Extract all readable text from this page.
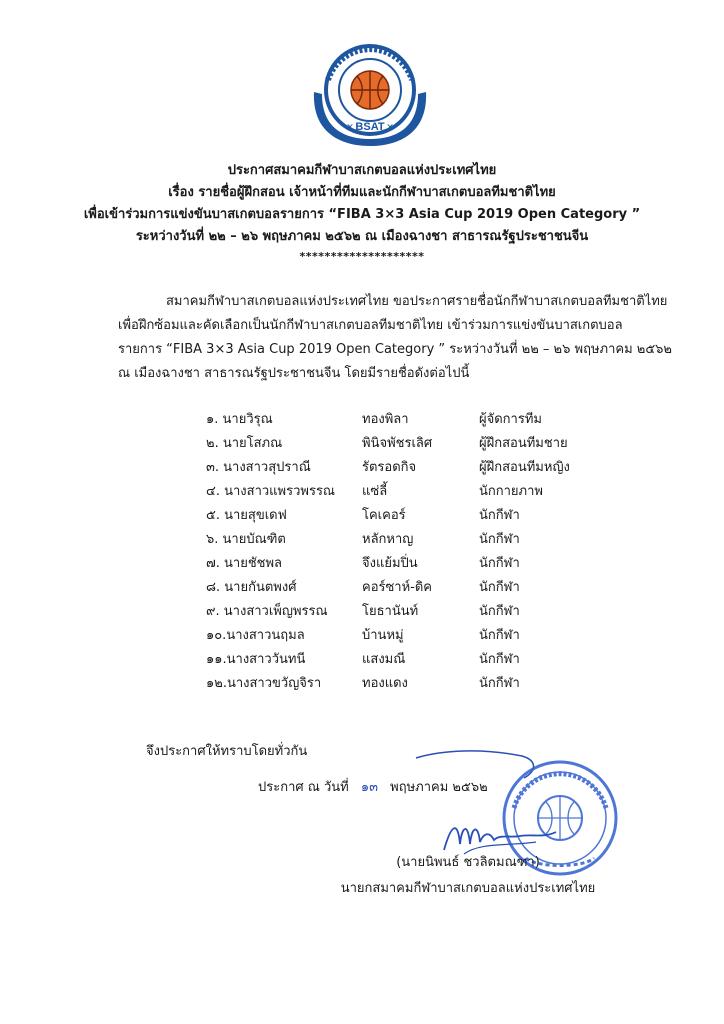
BSAT
✕	✕
ประกาศสมาคมกีฬาบาสเกตบอลแห่งประเทศไทย
เรื่อง รายชื่อผู้ฝึกสอน เจ้าหน้าที่ทีมและนักกีฬาบาสเกตบอลทีมชาติไทย
เพื่อเข้าร่วมการแข่งขันบาสเกตบอลรายการ “FIBA 3×3 Asia Cup 2019 Open Category ”
ระหว่างวันที่ ๒๒ – ๒๖ พฤษภาคม ๒๕๖๒ ณ เมืองฉางชา สาธารณรัฐประชาชนจีน
********************
สมาคมกีฬาบาสเกตบอลแห่งประเทศไทย ขอประกาศรายชื่อนักกีฬาบาสเกตบอลทีมชาติไทย
เพื่อฝึกซ้อมและคัดเลือกเป็นนักกีฬาบาสเกตบอลทีมชาติไทย เข้าร่วมการแข่งขันบาสเกตบอล
รายการ “FIBA 3×3 Asia Cup 2019 Open Category ” ระหว่างวันที่ ๒๒ – ๒๖ พฤษภาคม ๒๕๖๒
ณ เมืองฉางชา สาธารณรัฐประชาชนจีน โดยมีรายชื่อดังต่อไปนี้
๑. นายวิรุณ	ทองพิลา	ผู้จัดการทีม
๒. นายโสภณ	พินิจพัชรเลิศ	ผู้ฝึกสอนทีมชาย
๓. นางสาวสุปราณี	รัตรอดกิจ	ผู้ฝึกสอนทีมหญิง
๔. นางสาวแพรวพรรณ	แซ่ลี้	นักกายภาพ
๕. นายสุขเดฟ	โคเคอร์	นักกีฬา
๖. นายบัณฑิต	หลักหาญ	นักกีฬา
๗. นายชัชพล	จึงแย้มปิ่น	นักกีฬา
๘. นายกันตพงศ์	คอร์ซาห์-ดิค	นักกีฬา
๙. นางสาวเพ็ญพรรณ	โยธานันท์	นักกีฬา
๑๐.นางสาวนฤมล	บ้านหมู่	นักกีฬา
๑๑.นางสาววันทนี	แสงมณี	นักกีฬา
๑๒.นางสาวขวัญจิรา	ทองแดง	นักกีฬา
จึงประกาศให้ทราบโดยทั่วกัน
ประกาศ ณ วันที่ ๑๓ พฤษภาคม ๒๕๖๒
(นายนิพนธ์ ชวลิตมณฑา)
นายกสมาคมกีฬาบาสเกตบอลแห่งประเทศไทย
